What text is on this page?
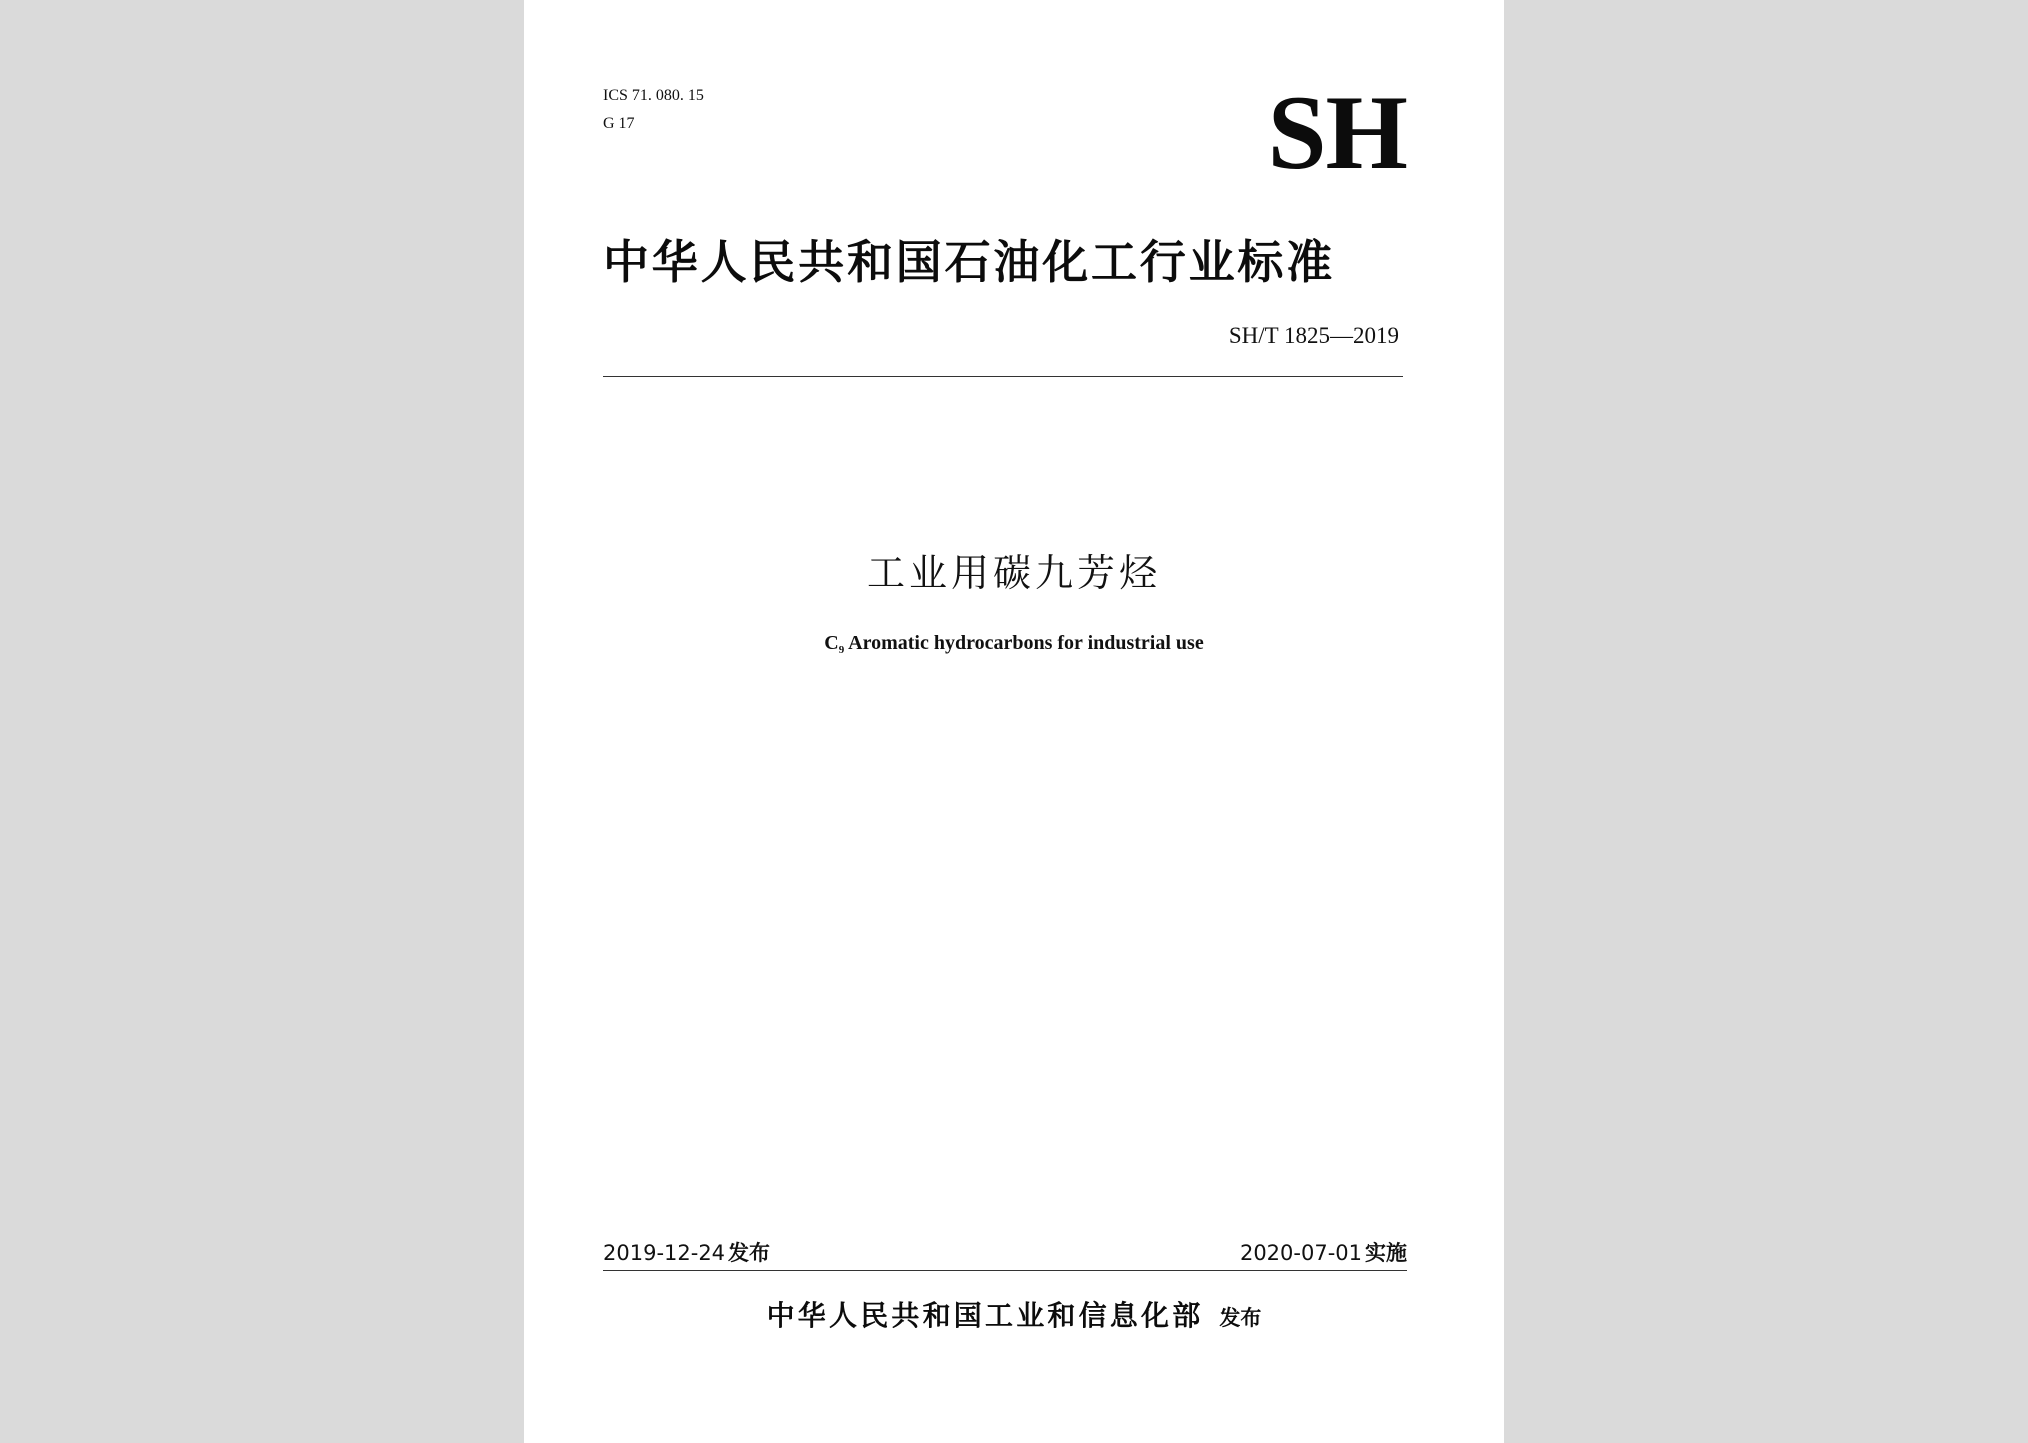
ICS 71. 080. 15
G 17	SH
中华人民共和国石油化工行业标准
SH/T 1825—2019
工业用碳九芳烃
$C_9$ Aromatic hydrocarbons for industrial use
2019-12-24 发布	2020-07-01 实施
中华人民共和国工业和信息化部 发布
